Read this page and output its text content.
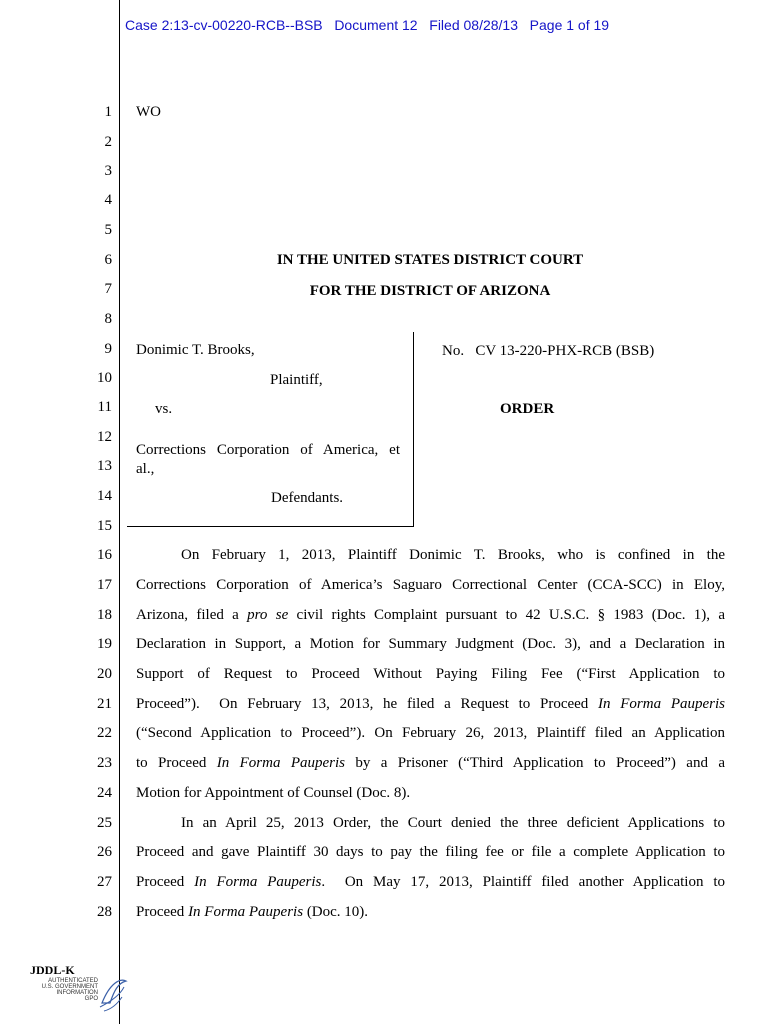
Case 2:13-cv-00220-RCB--BSB Document 12 Filed 08/28/13 Page 1 of 19
1
2
3
4
5
6
7
8
9
10
11
12
13
14
15
16
17
18
19
20
21
22
23
24
25
26
27
28
WO
IN THE UNITED STATES DISTRICT COURT
FOR THE DISTRICT OF ARIZONA
Donimic T. Brooks,
Plaintiff,
vs.
Corrections Corporation of America, et
al.,
Defendants.
No.   CV 13-220-PHX-RCB (BSB)
ORDER
On February 1, 2013, Plaintiff Donimic T. Brooks, who is confined in the
Corrections Corporation of America’s Saguaro Correctional Center (CCA-SCC) in Eloy,
Arizona, filed a pro se civil rights Complaint pursuant to 42 U.S.C. § 1983 (Doc. 1), a
Declaration in Support, a Motion for Summary Judgment (Doc. 3), and a Declaration in
Support of Request to Proceed Without Paying Filing Fee (“First Application to
Proceed”).  On February 13, 2013, he filed a Request to Proceed In Forma Pauperis
(“Second Application to Proceed”). On February 26, 2013, Plaintiff filed an Application
to Proceed In Forma Pauperis by a Prisoner (“Third Application to Proceed”) and a
Motion for Appointment of Counsel (Doc. 8).
In an April 25, 2013 Order, the Court denied the three deficient Applications to
Proceed and gave Plaintiff 30 days to pay the filing fee or file a complete Application to
Proceed In Forma Pauperis.  On May 17, 2013, Plaintiff filed another Application to
Proceed In Forma Pauperis (Doc. 10).
JDDL-K
AUTHENTICATED
U.S. GOVERNMENT
INFORMATION
GPO
